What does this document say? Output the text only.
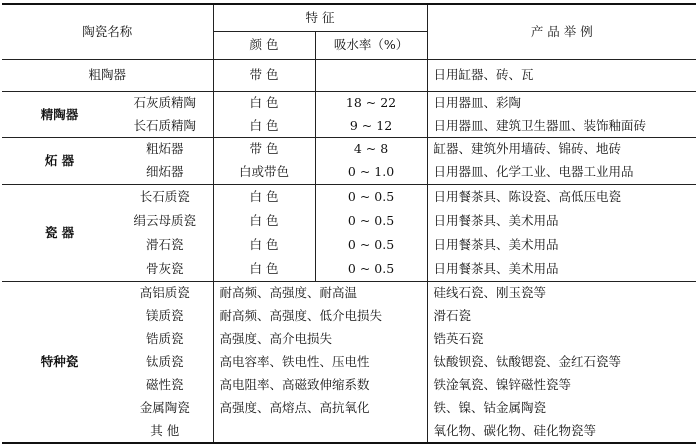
陶瓷名称		特 征		产 品 举 例
		颜 色	吸水率（%）	
粗陶器		带 色		日用缸器、砖、瓦
精陶器	石灰质精陶	白 色	18 ~ 22	日用器皿、彩陶
	长石质精陶	白 色	9 ~ 12	日用器皿、建筑卫生器皿、装饰釉面砖
炻 器	粗炻器	带 色	4 ~ 8	缸器、建筑外用墙砖、锦砖、地砖
	细炻器	白或带色	0 ~ 1.0	日用器皿、化学工业、电器工业用品
瓷 器	长石质瓷	白 色	0 ~ 0.5	日用餐茶具、陈设瓷、高低压电瓷
	绢云母质瓷	白 色	0 ~ 0.5	日用餐茶具、美术用品
	滑石瓷	白 色	0 ~ 0.5	日用餐茶具、美术用品
	骨灰瓷	白 色	0 ~ 0.5	日用餐茶具、美术用品
特种瓷	高铝质瓷	耐高频、高强度、耐高温		硅线石瓷、刚玉瓷等
	镁质瓷	耐高频、高强度、低介电损失		滑石瓷
	锆质瓷	高强度、高介电损失		锆英石瓷
	钛质瓷	高电容率、铁电性、压电性		钛酸钡瓷、钛酸锶瓷、金红石瓷等
	磁性瓷	高电阻率、高磁致伸缩系数		铁淦氧瓷、镍锌磁性瓷等
	金属陶瓷	高强度、高熔点、高抗氧化		铁、镍、钴金属陶瓷
	其 他			氧化物、碳化物、硅化物瓷等
